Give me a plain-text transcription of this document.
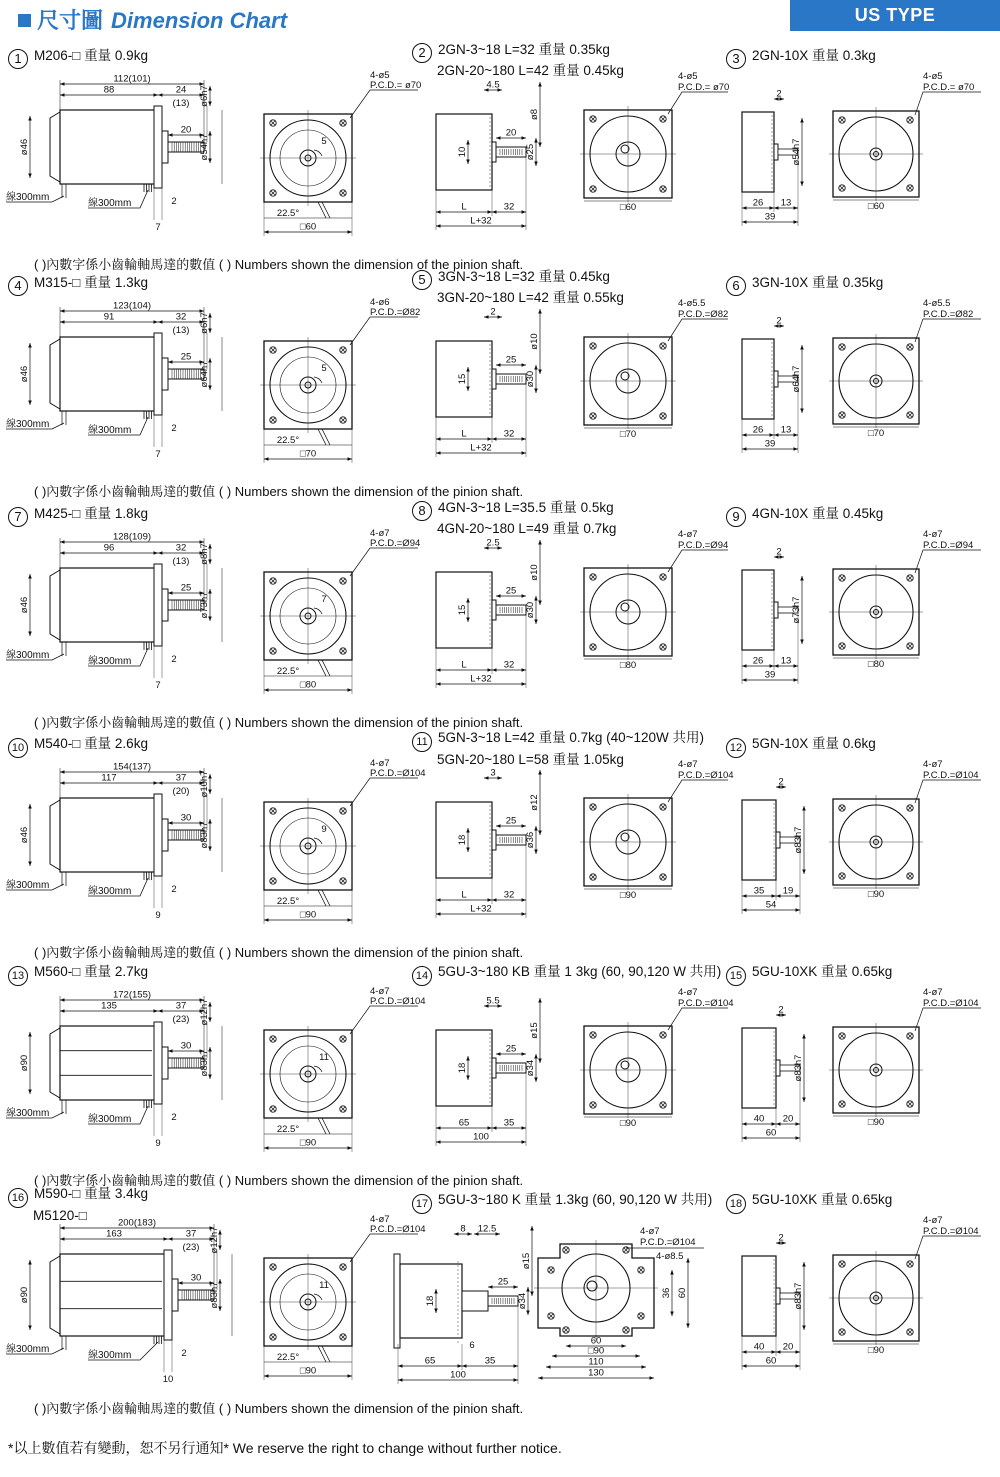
尺寸圖 Dimension Chart	US TYPE
1 M206-□ 重量 0.9kg	2 2GN-3~18 L=32 重量 0.35kg
2GN-20~180 L=42 重量 0.45kg
3 2GN-10X 重量 0.3kg
4 M315-□ 重量 1.3kg	5 3GN-3~18 L=32 重量 0.45kg
3GN-20~180 L=42 重量 0.55kg
6 3GN-10X 重量 0.35kg
7 M425-□ 重量 1.8kg	8 4GN-3~18 L=35.5 重量 0.5kg
4GN-20~180 L=49 重量 0.7kg
9 4GN-10X 重量 0.45kg
10 M540-□ 重量 2.6kg	11 5GN-3~18 L=42 重量 0.7kg (40~120W 共用)
5GN-20~180 L=58 重量 1.05kg
12 5GN-10X 重量 0.6kg
13 M560-□ 重量 2.7kg	14 5GU-3~180 KB 重量 1 3kg (60, 90,120 W 共用) 15 5GU-10XK 重量 0.65kg
16 M590-□ 重量 3.4kg
M5120-□
17 5GU-3~180 K 重量 1.3kg (60, 90,120 W 共用)	18 5GU-10XK 重量 0.65kg
( )內數字係小齒輪軸馬達的數值 ( ) Numbers shown the dimension of the pinion shaft.
( )內數字係小齒輪軸馬達的數值 ( ) Numbers shown the dimension of the pinion shaft.
( )內數字係小齒輪軸馬達的數值 ( ) Numbers shown the dimension of the pinion shaft.
( )內數字係小齒輪軸馬達的數值 ( ) Numbers shown the dimension of the pinion shaft.
( )內數字係小齒輪軸馬達的數值 ( ) Numbers shown the dimension of the pinion shaft.
( )內數字係小齒輪軸馬達的數值 ( ) Numbers shown the dimension of the pinion shaft.
112(101)
88	24
(13)
20
ø6h7
ø54h7
ø46
線300mm
線300mm	2
7
5
4-ø5
P.C.D.= ø70
22.5°
□60
4.5
20
ø8
ø25
10
L	32
L+32
4-ø5
P.C.D.= ø70
□60
2
ø54h7
26 13
39
4-ø5
P.C.D.= ø70
□60
123(104)
91	32
(13)
25
ø6h7
ø64h7
ø46
線300mm
線300mm	2
7
5
4-ø6
P.C.D.=Ø82
22.5°
□70
2
25
ø10
ø30
15
L	32
L+32
4-ø5.5
P.C.D.=Ø82
□70
2
ø64h7
26 13
39
4-ø5.5
P.C.D.=Ø82
□70
128(109)
96	32
(13)
25
ø8h7
ø73h7
ø46
線300mm
線300mm	2
7
7
4-ø7
P.C.D.=Ø94
22.5°
□80
2.5
25
ø10
ø30
15
L	32
L+32
4-ø7
P.C.D.=Ø94
□80
2
ø73h7
26 13
39
4-ø7
P.C.D.=Ø94
□80
154(137)
117	37
(20)
30
ø10h7
ø83h7
ø46
線300mm
線300mm	2
9
9
4-ø7
P.C.D.=Ø104
22.5°
□90
3
25
ø12
ø36
18
L	32
L+32
4-ø7
P.C.D.=Ø104
□90
2
ø83h7
35 19
54
4-ø7
P.C.D.=Ø104
□90
172(155)
135	37
(23)
30
ø12h7
ø83h7
ø90
線300mm
線300mm	2
9
11
4-ø7
P.C.D.=Ø104
22.5°
□90
5.5
25
ø15
ø34
18
65	35
100
4-ø7
P.C.D.=Ø104
□90
2
ø83h7
40 20
60
4-ø7
P.C.D.=Ø104
□90
200(183)
163	37
(23)
30
ø12h7
ø83h7
ø90
線300mm
線300mm	2
10
11
4-ø7
P.C.D.=Ø104
22.5°
□90
8 12.5
25
ø15
ø34
18
6
65	35
100
4-ø7
P.C.D.=Ø104
4-ø8.5
36 60
60
□90
110
130
2
ø83h7
40 20
60
4-ø7
P.C.D.=Ø104
□90
*以上數值若有變動，恕不另行通知* We reserve the right to change without further notice.
